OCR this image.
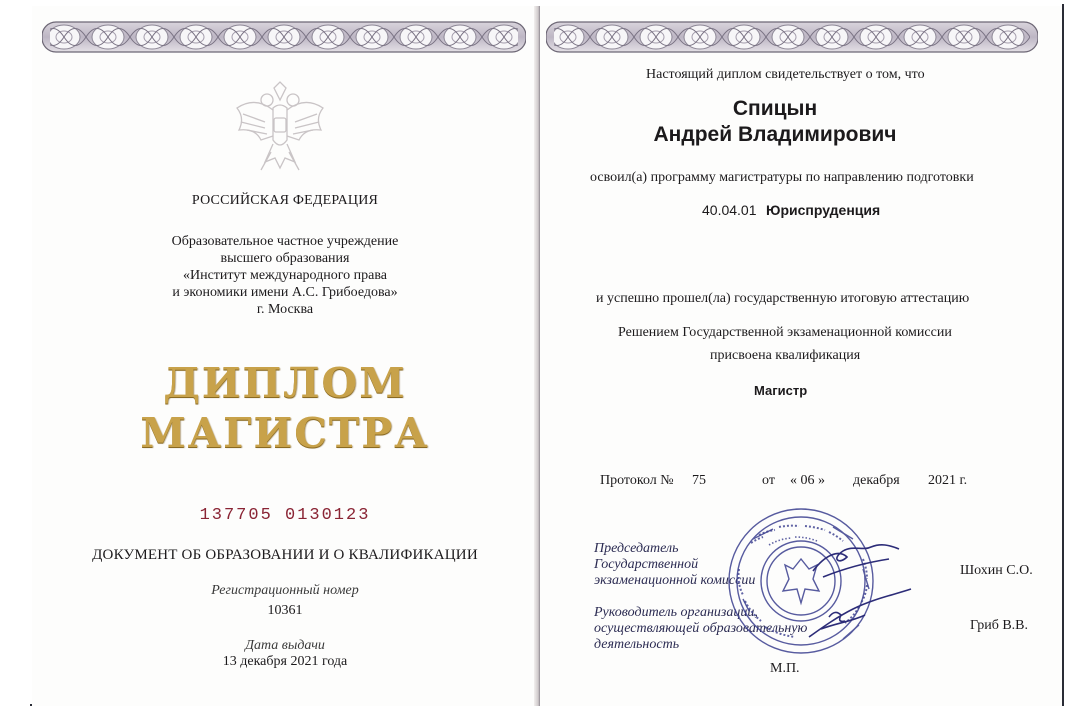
РОССИЙСКАЯ ФЕДЕРАЦИЯ
Образовательное частное учреждение
высшего образования
«Институт международного права
и экономики имени А.С. Грибоедова»
г. Москва
ДИПЛОМ
МАГИСТРА
137705 0130123
ДОКУМЕНТ ОБ ОБРАЗОВАНИИ И О КВАЛИФИКАЦИИ
Регистрационный номер
10361
Дата выдачи
13 декабря 2021 года
Настоящий диплом свидетельствует о том, что
Спицын
Андрей Владимирович
освоил(а) программу магистратуры по направлению подготовки
40.04.01 Юриспруденция
и успешно прошел(ла) государственную итоговую аттестацию
Решением Государственной экзаменационной комиссии
присвоена квалификация
Магистр
Протокол № 75	от « 06 » декабря 2021 г.
Председатель
Государственной
экзаменационной комиссии
Шохин С.О.
Руководитель организации,
осуществляющей образовательную
деятельность
Гриб В.В.
М.П.
